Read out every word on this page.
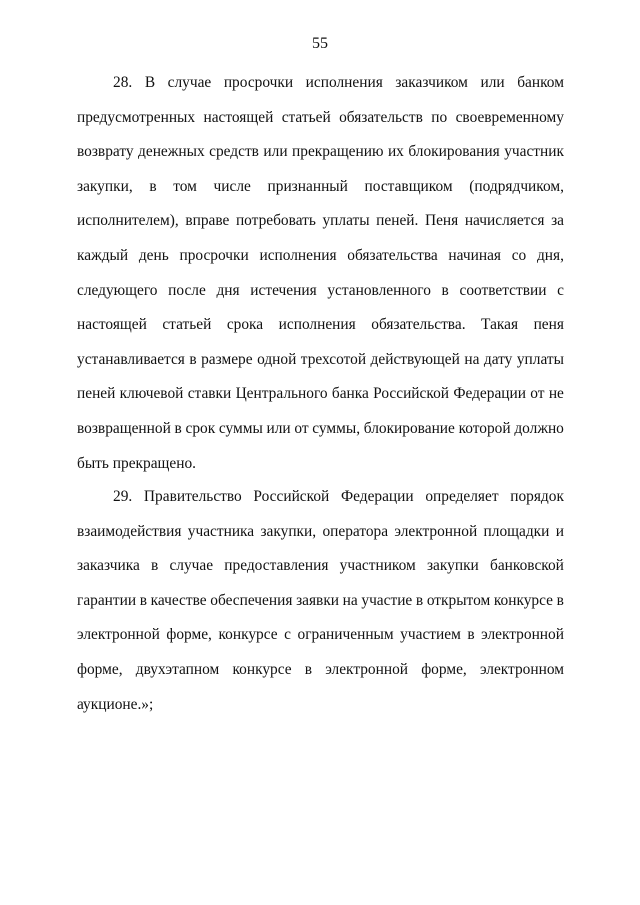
55
28. В случае просрочки исполнения заказчиком или банком
предусмотренных настоящей статьей обязательств по своевременному
возврату денежных средств или прекращению их блокирования участник
закупки, в том числе признанный поставщиком (подрядчиком,
исполнителем), вправе потребовать уплаты пеней. Пеня начисляется за
каждый день просрочки исполнения обязательства начиная со дня,
следующего после дня истечения установленного в соответствии с
настоящей статьей срока исполнения обязательства. Такая пеня
устанавливается в размере одной трехсотой действующей на дату уплаты
пеней ключевой ставки Центрального банка Российской Федерации от не
возвращенной в срок суммы или от суммы, блокирование которой должно
быть прекращено.
29. Правительство Российской Федерации определяет порядок
взаимодействия участника закупки, оператора электронной площадки и
заказчика в случае предоставления участником закупки банковской
гарантии в качестве обеспечения заявки на участие в открытом конкурсе в
электронной форме, конкурсе с ограниченным участием в электронной
форме, двухэтапном конкурсе в электронной форме, электронном
аукционе.»;
